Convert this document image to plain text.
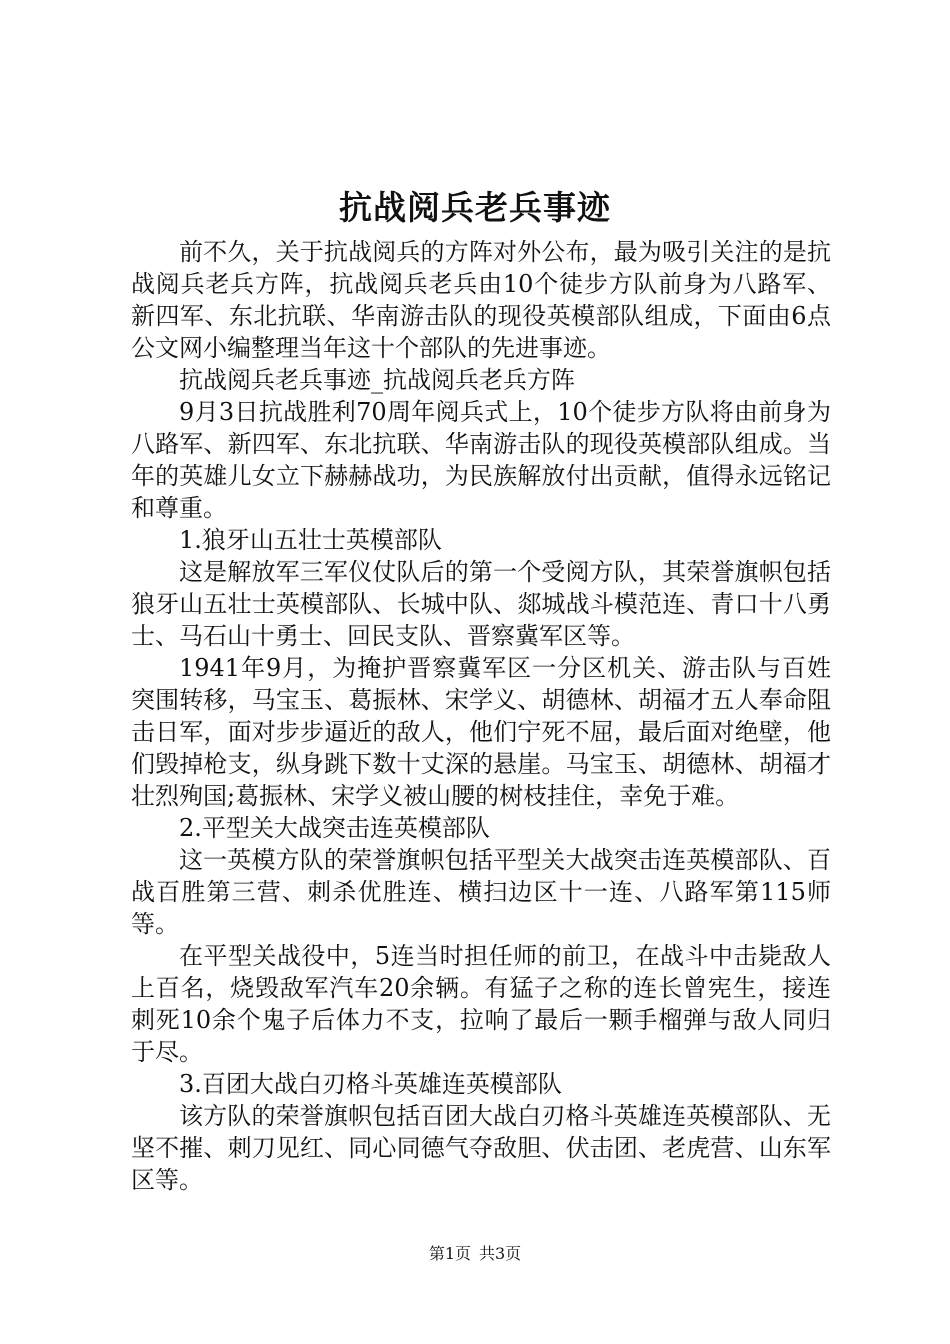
抗战阅兵老兵事迹

前不久，关于抗战阅兵的方阵对外公布，最为吸引关注的是抗战阅兵老兵方阵，抗战阅兵老兵由10个徒步方队前身为八路军、新四军、东北抗联、华南游击队的现役英模部队组成，下面由6点公文网小编整理当年这十个部队的先进事迹。

抗战阅兵老兵事迹_抗战阅兵老兵方阵

9月3日抗战胜利70周年阅兵式上，10个徒步方队将由前身为八路军、新四军、东北抗联、华南游击队的现役英模部队组成。当年的英雄儿女立下赫赫战功，为民族解放付出贡献，值得永远铭记和尊重。

1.狼牙山五壮士英模部队

这是解放军三军仪仗队后的第一个受阅方队，其荣誉旗帜包括狼牙山五壮士英模部队、长城中队、郯城战斗模范连、青口十八勇士、马石山十勇士、回民支队、晋察冀军区等。

1941年9月，为掩护晋察冀军区一分区机关、游击队与百姓突围转移，马宝玉、葛振林、宋学义、胡德林、胡福才五人奉命阻击日军，面对步步逼近的敌人，他们宁死不屈，最后面对绝壁，他们毁掉枪支，纵身跳下数十丈深的悬崖。马宝玉、胡德林、胡福才壮烈殉国;葛振林、宋学义被山腰的树枝挂住，幸免于难。

2.平型关大战突击连英模部队

这一英模方队的荣誉旗帜包括平型关大战突击连英模部队、百战百胜第三营、刺杀优胜连、横扫边区十一连、八路军第115师等。

在平型关战役中，5连当时担任师的前卫，在战斗中击毙敌人上百名，烧毁敌军汽车20余辆。有猛子之称的连长曾宪生，接连刺死10余个鬼子后体力不支，拉响了最后一颗手榴弹与敌人同归于尽。

3.百团大战白刃格斗英雄连英模部队

该方队的荣誉旗帜包括百团大战白刃格斗英雄连英模部队、无坚不摧、刺刀见红、同心同德气夺敌胆、伏击团、老虎营、山东军区等。

第1页 共3页
